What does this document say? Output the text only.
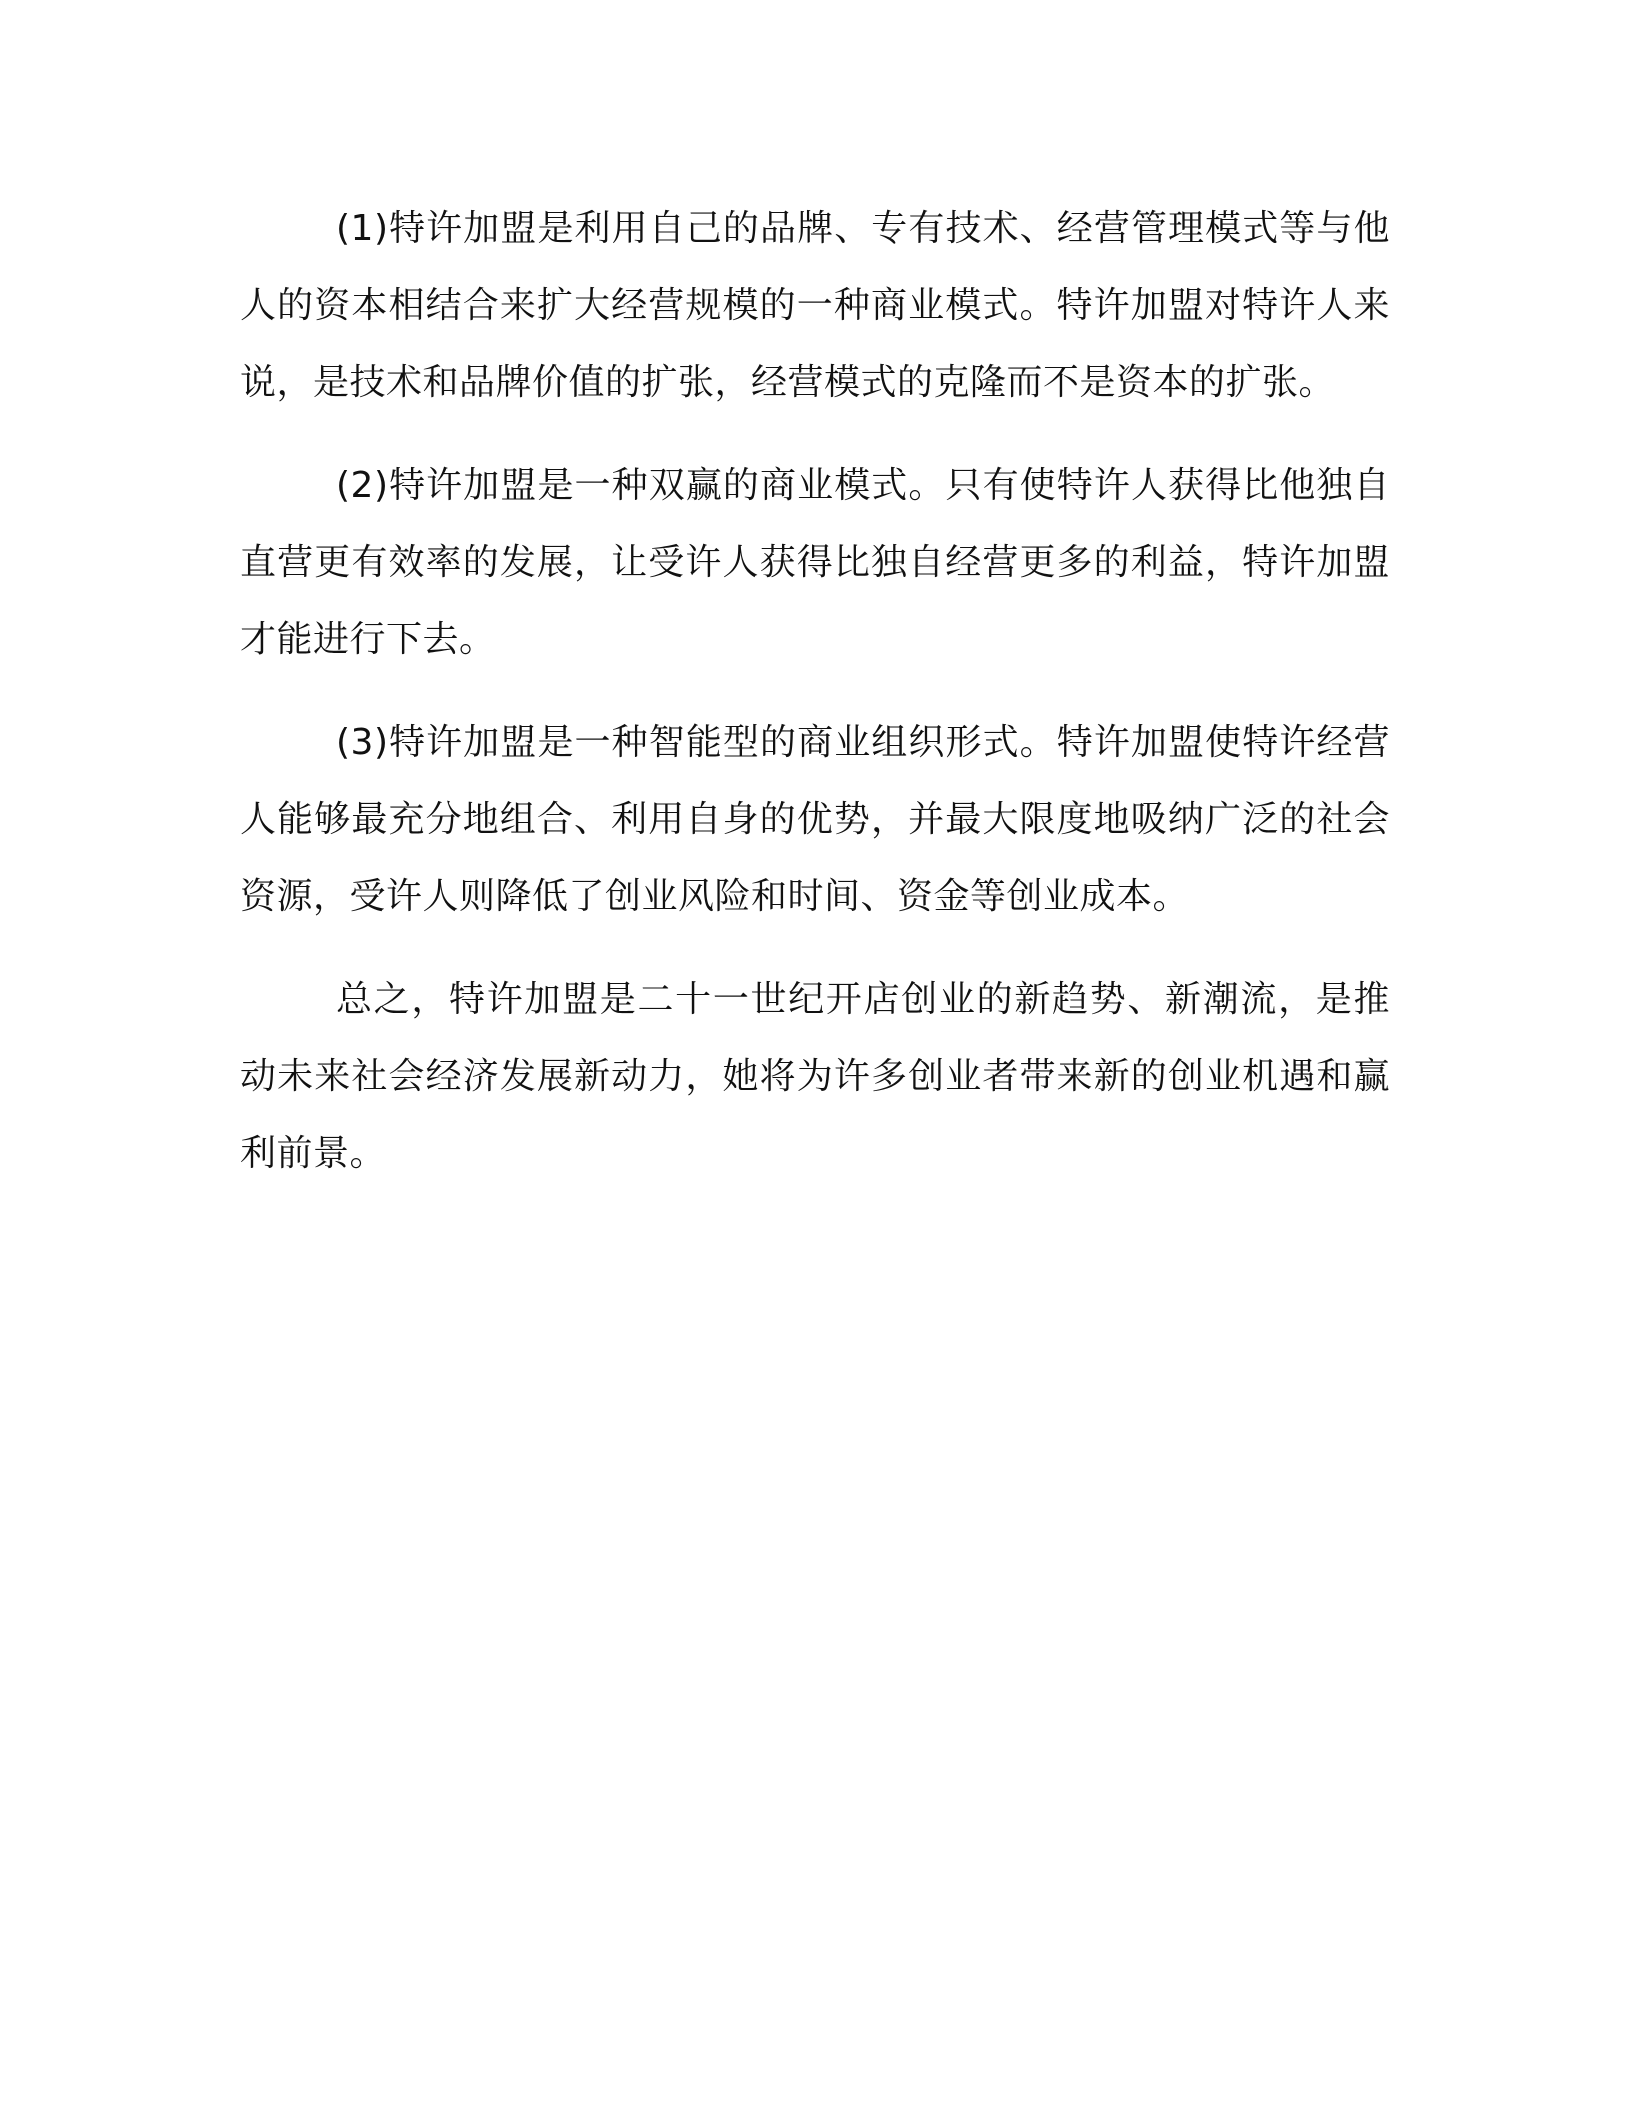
(1)特许加盟是利用自己的品牌、专有技术、经营管理模式等与他人的资本相结合来扩大经营规模的一种商业模式。特许加盟对特许人来说，是技术和品牌价值的扩张，经营模式的克隆而不是资本的扩张。

(2)特许加盟是一种双赢的商业模式。只有使特许人获得比他独自直营更有效率的发展，让受许人获得比独自经营更多的利益，特许加盟才能进行下去。

(3)特许加盟是一种智能型的商业组织形式。特许加盟使特许经营人能够最充分地组合、利用自身的优势，并最大限度地吸纳广泛的社会资源，受许人则降低了创业风险和时间、资金等创业成本。

总之，特许加盟是二十一世纪开店创业的新趋势、新潮流，是推动未来社会经济发展新动力，她将为许多创业者带来新的创业机遇和赢利前景。
